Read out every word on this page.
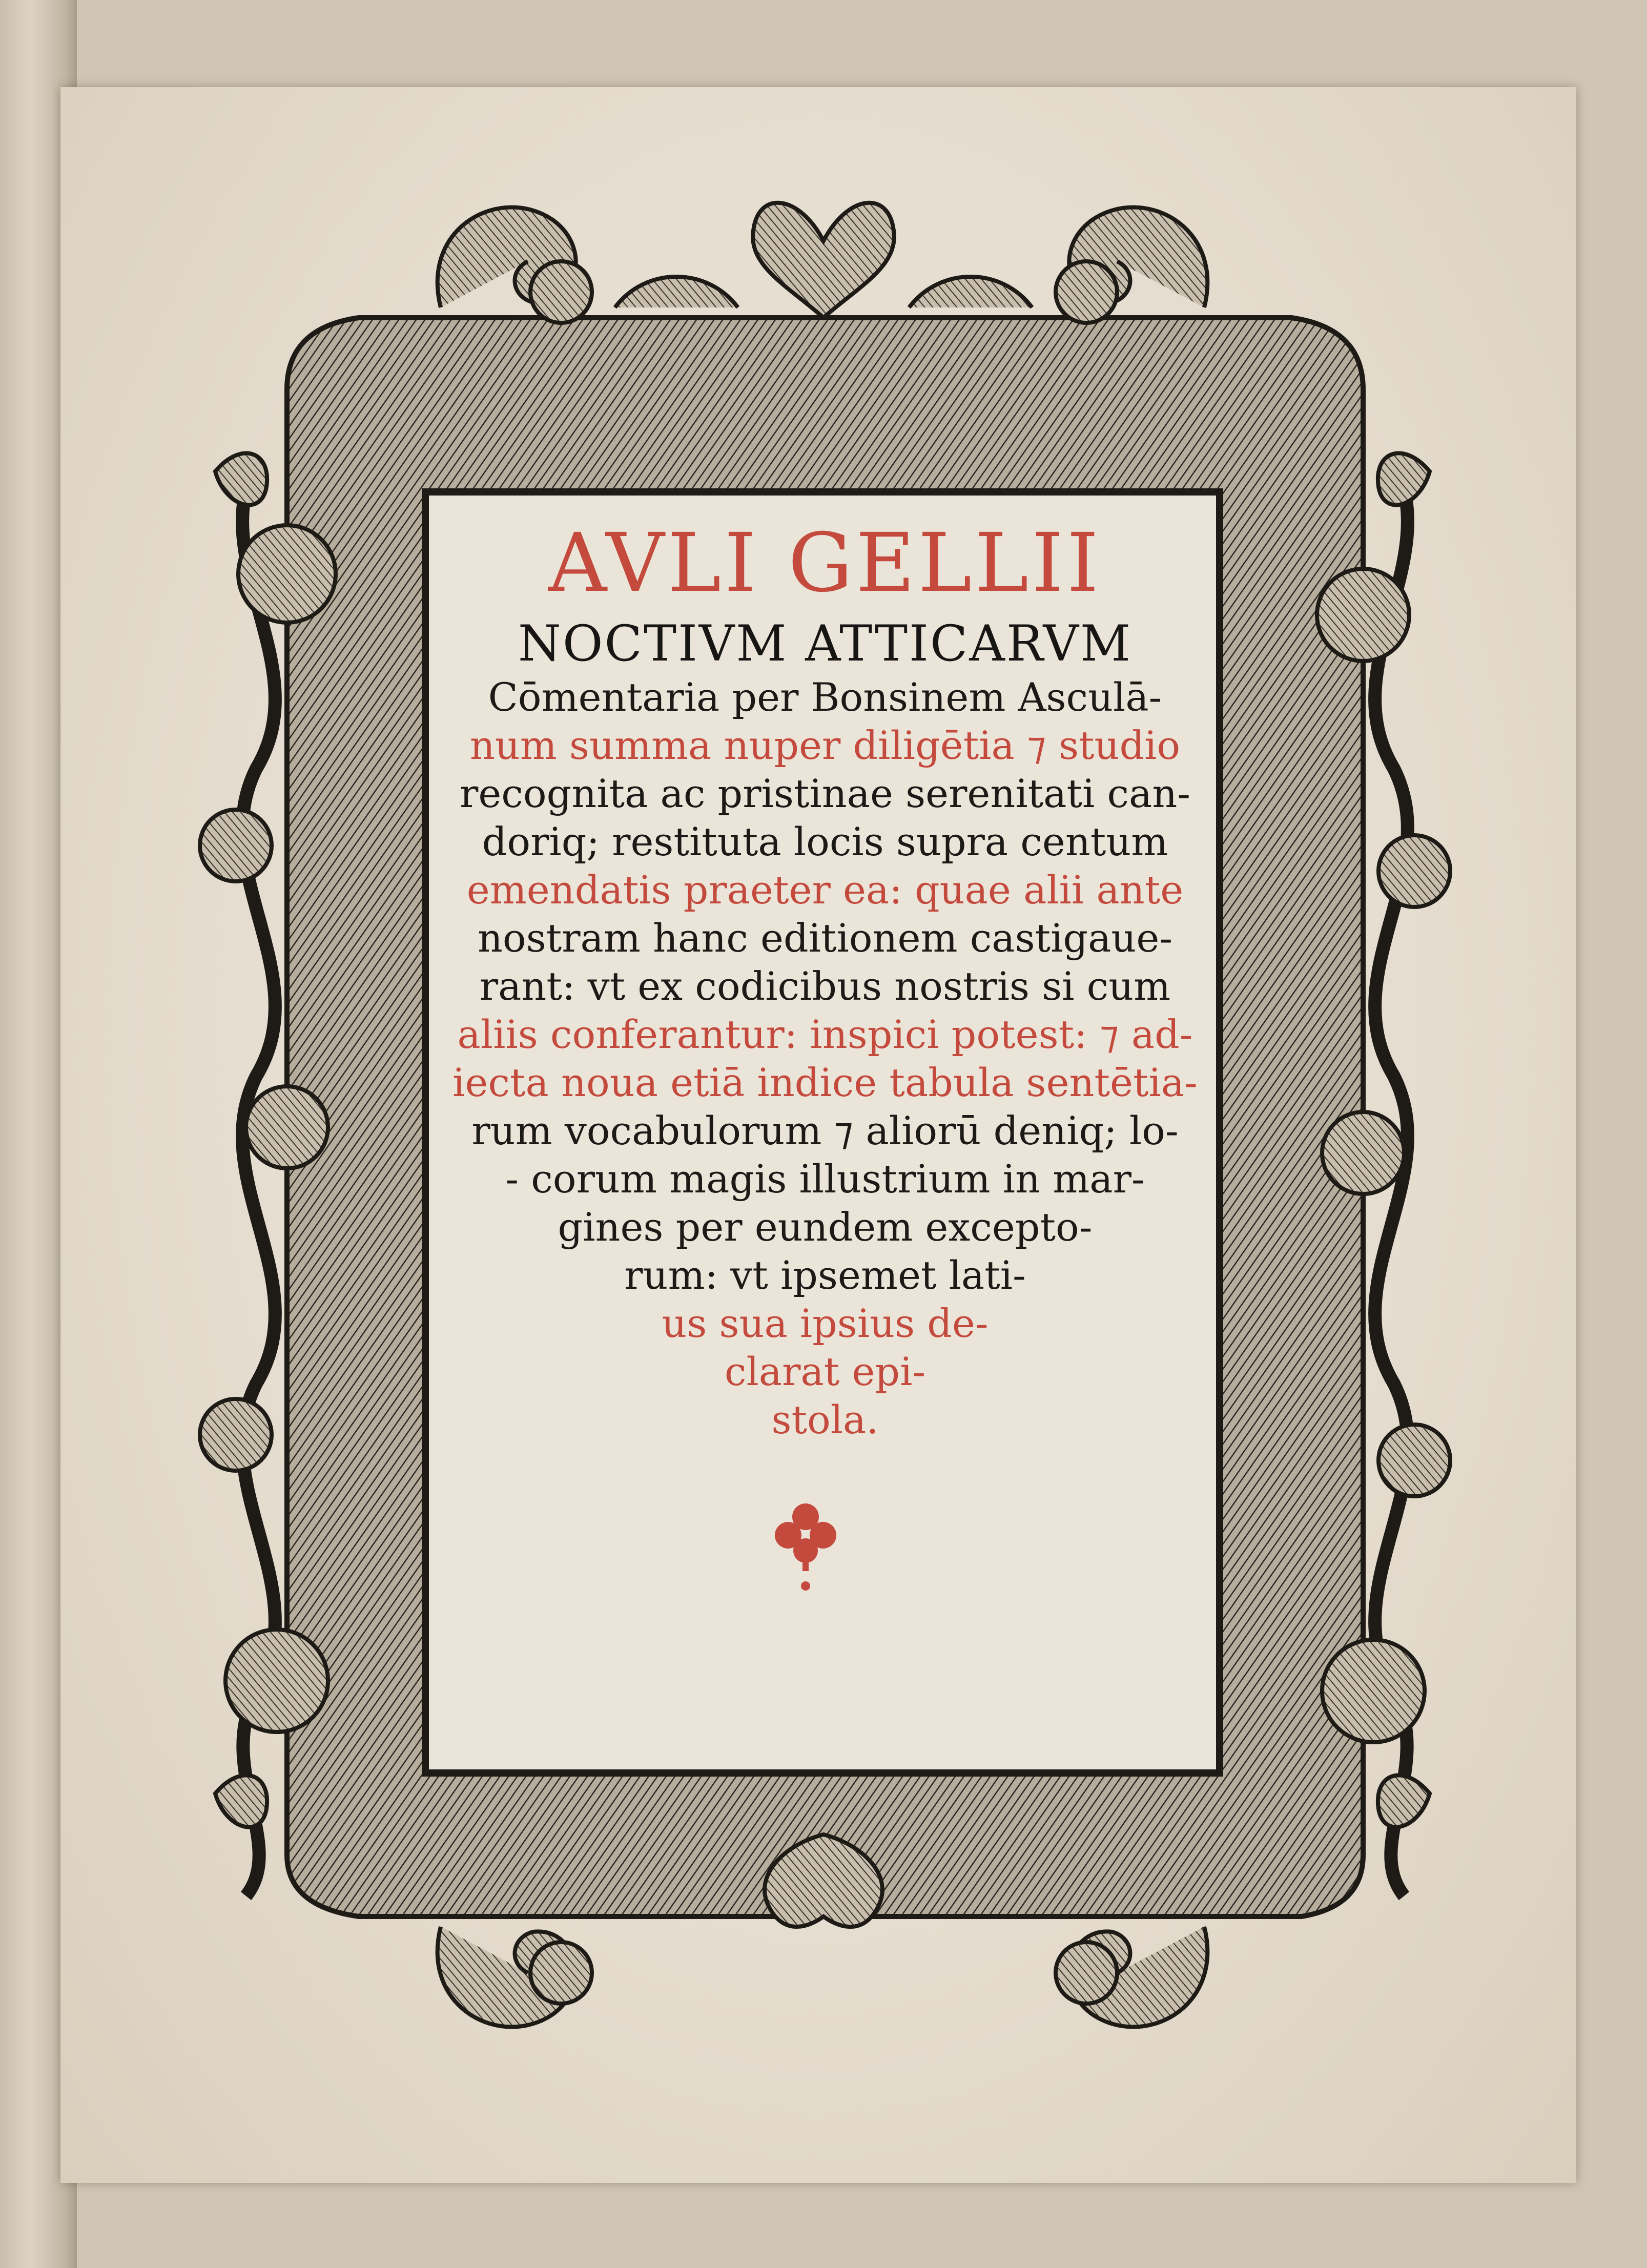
AVLI GELLII
NOCTIVM ATTICARVM
Cōmentaria per Bonsinem Asculā-
num summa nuper diligētia ⁊ studio
recognita ac pristinae serenitati can-
doriq; restituta locis supra centum
emendatis praeter ea: quae alii ante
nostram hanc editionem castigaue-
rant: vt ex codicibus nostris si cum
aliis conferantur: inspici potest: ⁊ ad-
iecta noua etiā indice tabula sentētia-
rum vocabulorum ⁊ aliorū deniq; lo-
- corum magis illustrium in mar-
gines per eundem excepto-
rum: vt ipsemet lati-
us sua ipsius de-
clarat epi-
stola.
